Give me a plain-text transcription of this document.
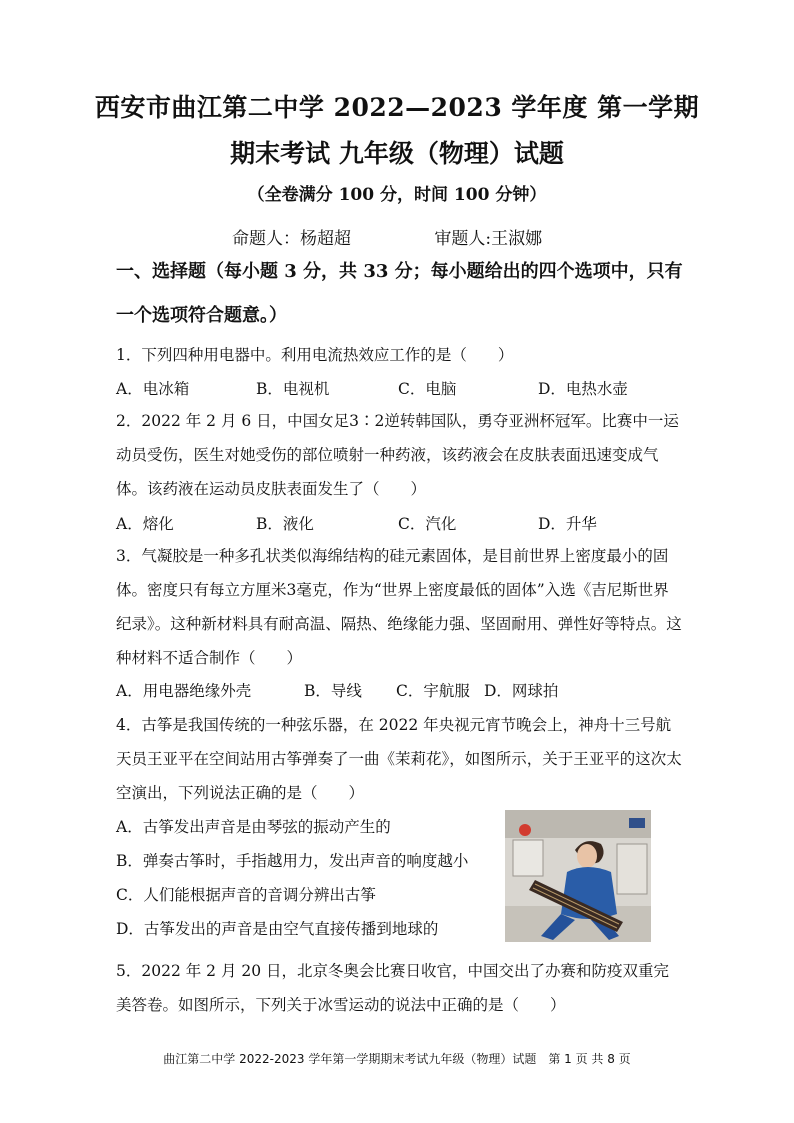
西安市曲江第二中学 2022—2023 学年度 第一学期
期末考试 九年级（物理）试题
（全卷满分 100 分，时间 100 分钟）
命题人：杨超超	审题人:王淑娜
一、选择题（每小题 3 分，共 33 分；每小题给出的四个选项中，只有一个选项符合题意。）
1．下列四种用电器中。利用电流热效应工作的是（　　）
A．电冰箱	B．电视机	C．电脑	D．电热水壶
2．2022 年 2 月 6 日，中国女足3∶2逆转韩国队，勇夺亚洲杯冠军。比赛中一运动员受伤，医生对她受伤的部位喷射一种药液，该药液会在皮肤表面迅速变成气体。该药液在运动员皮肤表面发生了（　　）
A．熔化	B．液化	C．汽化	D．升华
3．气凝胶是一种多孔状类似海绵结构的硅元素固体，是目前世界上密度最小的固体。密度只有每立方厘米3毫克，作为“世界上密度最低的固体”入选《吉尼斯世界纪录》。这种新材料具有耐高温、隔热、绝缘能力强、坚固耐用、弹性好等特点。这种材料不适合制作（　　）
A．用电器绝缘外壳	B．导线 C．宇航服 D．网球拍
4．古筝是我国传统的一种弦乐器，在 2022 年央视元宵节晚会上，神舟十三号航天员王亚平在空间站用古筝弹奏了一曲《茉莉花》，如图所示，关于王亚平的这次太空演出，下列说法正确的是（　　）
A．古筝发出声音是由琴弦的振动产生的
B．弹奏古筝时，手指越用力，发出声音的响度越小
C．人们能根据声音的音调分辨出古筝
D．古筝发出的声音是由空气直接传播到地球的
5．2022 年 2 月 20 日，北京冬奥会比赛日收官，中国交出了办赛和防疫双重完美答卷。如图所示，下列关于冰雪运动的说法中正确的是（　　）
曲江第二中学 2022-2023 学年第一学期期末考试九年级（物理）试题　第 1 页 共 8 页
